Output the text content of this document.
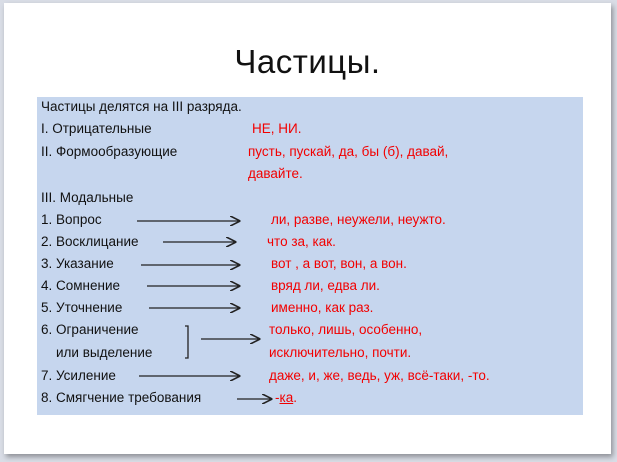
Частицы.
Частицы делятся на III разряда.
I. Отрицательные	НЕ, НИ.
II. Формообразующие	пусть, пускай, да, бы (б), давай,
давайте.
III. Модальные
1. Вопрос	ли, разве, неужели, неужто.
2. Восклицание	что за, как.
3. Указание	вот , а вот, вон, а вон.
4. Сомнение	вряд ли, едва ли.
5. Уточнение	именно, как раз.
6. Ограничение	только, лишь, особенно,
или выделение	исключительно, почти.
7. Усиление	даже, и, же, ведь, уж, всё-таки, -то.
8. Смягчение требования	-ка.
